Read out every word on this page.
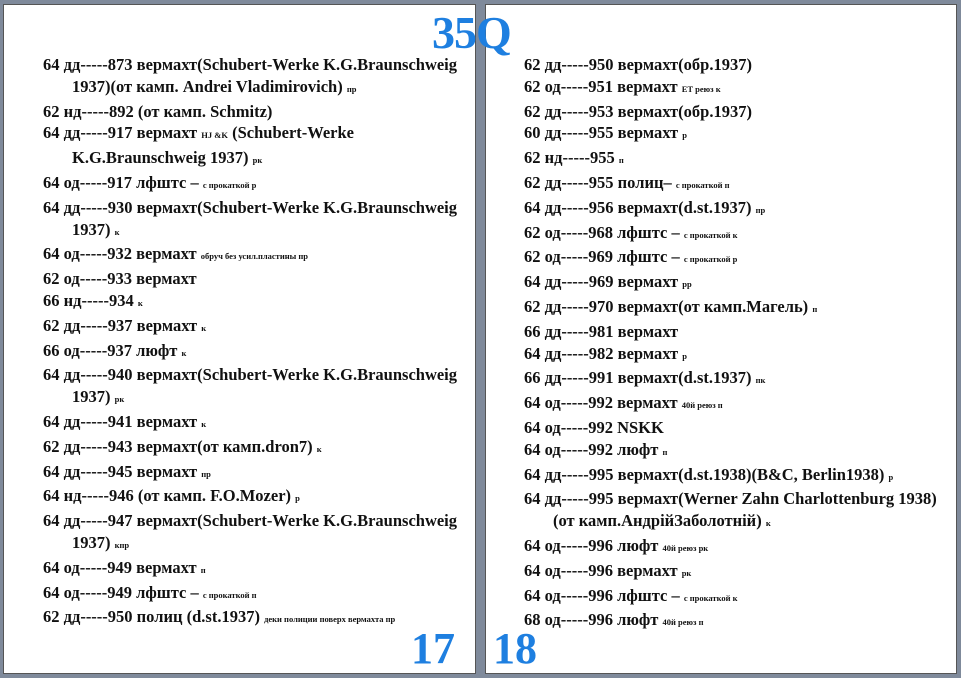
35Q
64 дд-----873 вермахт(Schubert-Werke K.G.Braunschweig 1937)(от камп. Andrei Vladimirovich) пр
62 нд-----892 (от камп. Schmitz)
64 дд-----917 вермахт HJ &K (Schubert-Werke K.G.Braunschweig 1937) рк
64 од-----917 лфштс – с прокаткой р
64 дд-----930 вермахт(Schubert-Werke K.G.Braunschweig 1937) к
64 од-----932 вермахт обруч без усил.пластины пр
62 од-----933 вермахт
66 нд-----934 к
62 дд-----937 вермахт к
66 од-----937 люфт к
64 дд-----940 вермахт(Schubert-Werke K.G.Braunschweig 1937) рк
64 дд-----941 вермахт к
62 дд-----943 вермахт(от камп.dron7) к
64 дд-----945 вермахт пр
64 нд-----946 (от камп. F.O.Mozer) р
64 дд-----947 вермахт(Schubert-Werke K.G.Braunschweig 1937) кпр
64 од-----949 вермахт п
64 од-----949 лфштс – с прокаткой п
62 дд-----950 полиц (d.st.1937) деки полиции поверх вермахта пр
17
62 дд-----950 вермахт(обр.1937)
62 од-----951 вермахт ЕТ реюз к
62 дд-----953 вермахт(обр.1937)
60 дд-----955 вермахт р
62 нд-----955 п
62 дд-----955 полиц– с прокаткой п
64 дд-----956 вермахт(d.st.1937) пр
62 од-----968 лфштс – с прокаткой к
62 од-----969 лфштс – с прокаткой р
64 дд-----969 вермахт рр
62 дд-----970 вермахт(от камп.Магель) п
66 дд-----981 вермахт
64 дд-----982 вермахт р
66 дд-----991 вермахт(d.st.1937) пк
64 од-----992 вермахт 40й реюз п
64 од-----992 NSKK
64 од-----992 люфт п
64 дд-----995 вермахт(d.st.1938)(B&C, Berlin1938) р
64 дд-----995 вермахт(Werner Zahn Charlottenburg 1938)(от камп.АндрійЗаболотній) к
64 од-----996 люфт 40й реюз рк
64 од-----996 вермахт рк
64 од-----996 лфштс – с прокаткой к
68 од-----996 люфт 40й реюз п
18
